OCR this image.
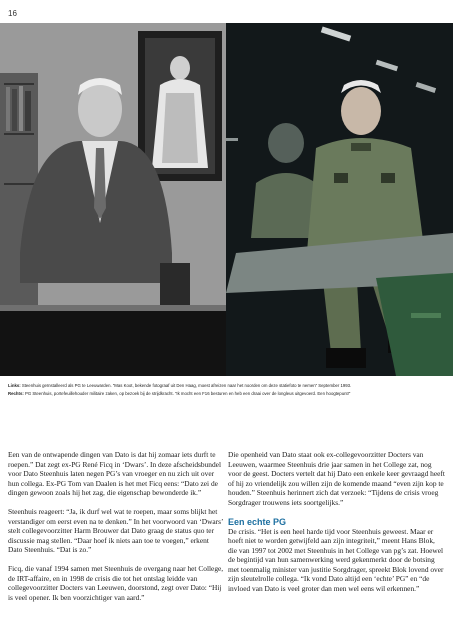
16

Links: Steenhuis geïnstalleerd als PG te Leeuwarden. “Mas Koot, bekende fotograaf uit Den Haag, moest afreizen naar het noorden om deze statiefoto te nemen” September 1993.

Rechts: PG Steenhuis, portefeuillehouder militaire zaken, op bezoek bij de strijdkracht. “Ik mocht een F16 besturen en heb een draai over de longleus uitgevoerd. Een hoogtepunt!”

Een van de ontwapende dingen van Dato is dat hij zomaar iets durft te roepen.” Dat zegt ex-PG René Ficq in ‘Dwars’. In deze afscheidsbundel voor Dato Steenhuis laten negen PG’s van vroeger en nu zich uit over hun collega. Ex-PG Tom van Daalen is het met Ficq eens: “Dato zei de dingen gewoon zoals hij het zag, die eigenschap bewonderde ik.”

Steenhuis reageert: “Ja, ik durf wel wat te roepen, maar soms blijkt het verstandiger om eerst even na te denken.” In het voorwoord van ‘Dwars’ stelt collegevoorzitter Harm Brouwer dat Dato graag de status quo ter discussie mag stellen. “Daar hoef ik niets aan toe te voegen,” erkent Dato Steenhuis. “Dat is zo.”

Ficq, die vanaf 1994 samen met Steenhuis de overgang naar het College, de IRT-affaire, en in 1998 de crisis die tot het ontslag leidde van collegevoorzitter Docters van Leeuwen, doorstond, zegt over Dato: “Hij is veel opener. Ik ben voorzichtiger van aard.”

Die openheid van Dato staat ook ex-collegevoorzitter Docters van Leeuwen, waarmee Steenhuis drie jaar samen in het College zat, nog voor de geest. Docters vertelt dat hij Dato een enkele keer gevraagd heeft of hij zo vriendelijk zou willen zijn de komende maand “even zijn kop te houden.” Steenhuis herinnert zich dat verzoek: “Tijdens de crisis vroeg Sorgdrager trouwens iets soortgelijks.”

Een echte PG

De crisis. “Het is een heel harde tijd voor Steenhuis geweest. Maar er hoeft niet te worden getwijfeld aan zijn integriteit,” meent Hans Blok, die van 1997 tot 2002 met Steenhuis in het College van pg’s zat. Hoewel de begintijd van hun samenwerking werd gekenmerkt door de botsing met toenmalig minister van justitie Sorgdrager, spreekt Blok lovend over zijn sleutelrolle collega. “Ik vond Dato altijd een ‘echte’ PG” en “de invloed van Dato is veel groter dan men wel eens wil erkennen.”
